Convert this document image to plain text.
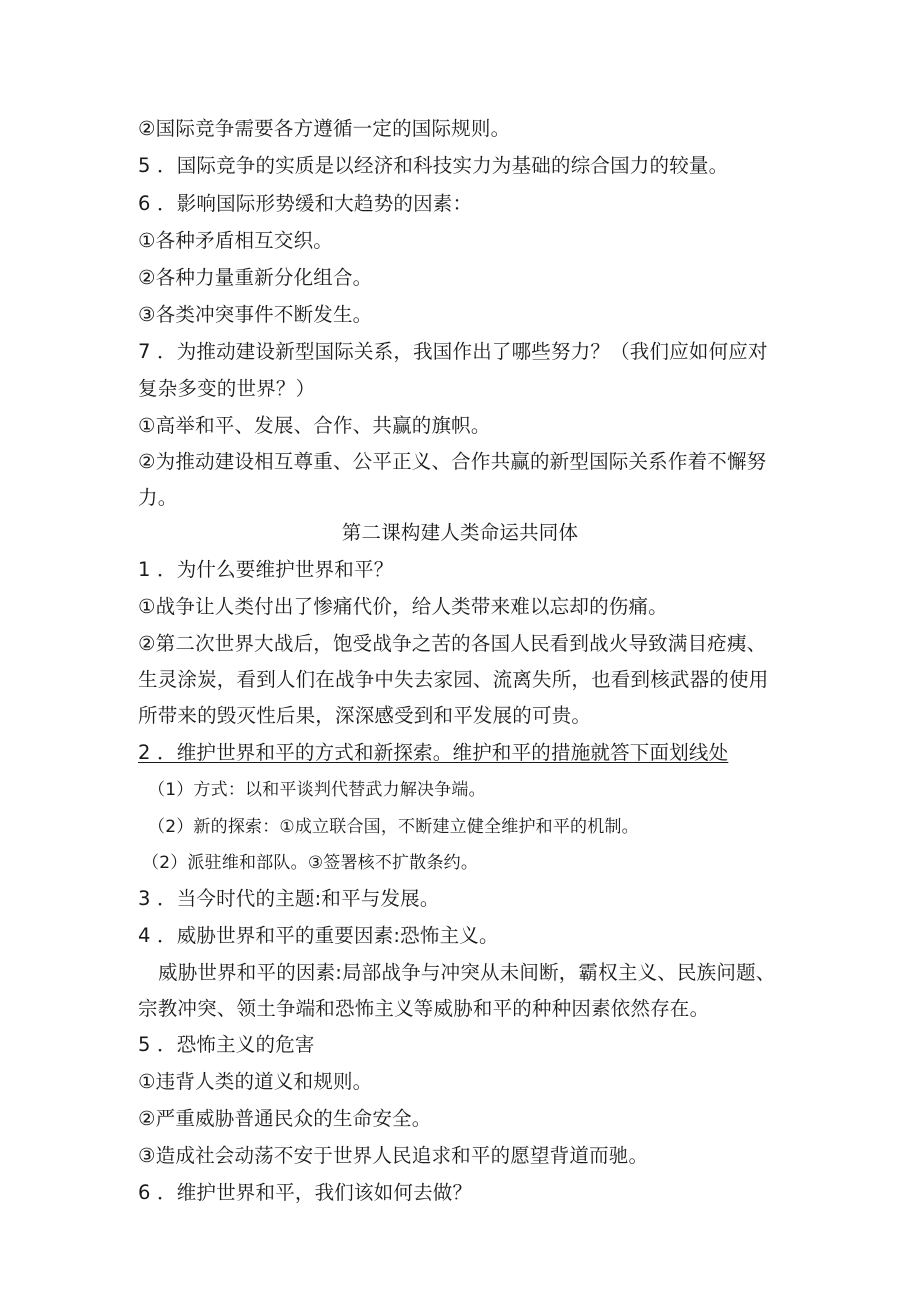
②国际竞争需要各方遵循一定的国际规则。
5 ．国际竞争的实质是以经济和科技实力为基础的综合国力的较量。
6 ．影响国际形势缓和大趋势的因素：
①各种矛盾相互交织。
②各种力量重新分化组合。
③各类冲突事件不断发生。
7 ．为推动建设新型国际关系，我国作出了哪些努力？（我们应如何应对
复杂多变的世界？）
①高举和平、发展、合作、共赢的旗帜。
②为推动建设相互尊重、公平正义、合作共赢的新型国际关系作着不懈努
力。
第二课构建人类命运共同体
1 ．为什么要维护世界和平？
①战争让人类付出了惨痛代价，给人类带来难以忘却的伤痛。
②第二次世界大战后，饱受战争之苦的各国人民看到战火导致满目疮痍、
生灵涂炭，看到人们在战争中失去家园、流离失所，也看到核武器的使用
所带来的毁灭性后果，深深感受到和平发展的可贵。
2 ．维护世界和平的方式和新探索。维护和平的措施就答下面划线处
（1）方式：以和平谈判代替武力解决争端。
（2）新的探索：①成立联合国，不断建立健全维护和平的机制。
（2）派驻维和部队。③签署核不扩散条约。
3 ．当今时代的主题:和平与发展。
4 ．威胁世界和平的重要因素:恐怖主义。
威胁世界和平的因素:局部战争与冲突从未间断，霸权主义、民族问题、
宗教冲突、领土争端和恐怖主义等威胁和平的种种因素依然存在。
5 ．恐怖主义的危害
①违背人类的道义和规则。
②严重威胁普通民众的生命安全。
③造成社会动荡不安于世界人民追求和平的愿望背道而驰。
6 ．维护世界和平，我们该如何去做？
